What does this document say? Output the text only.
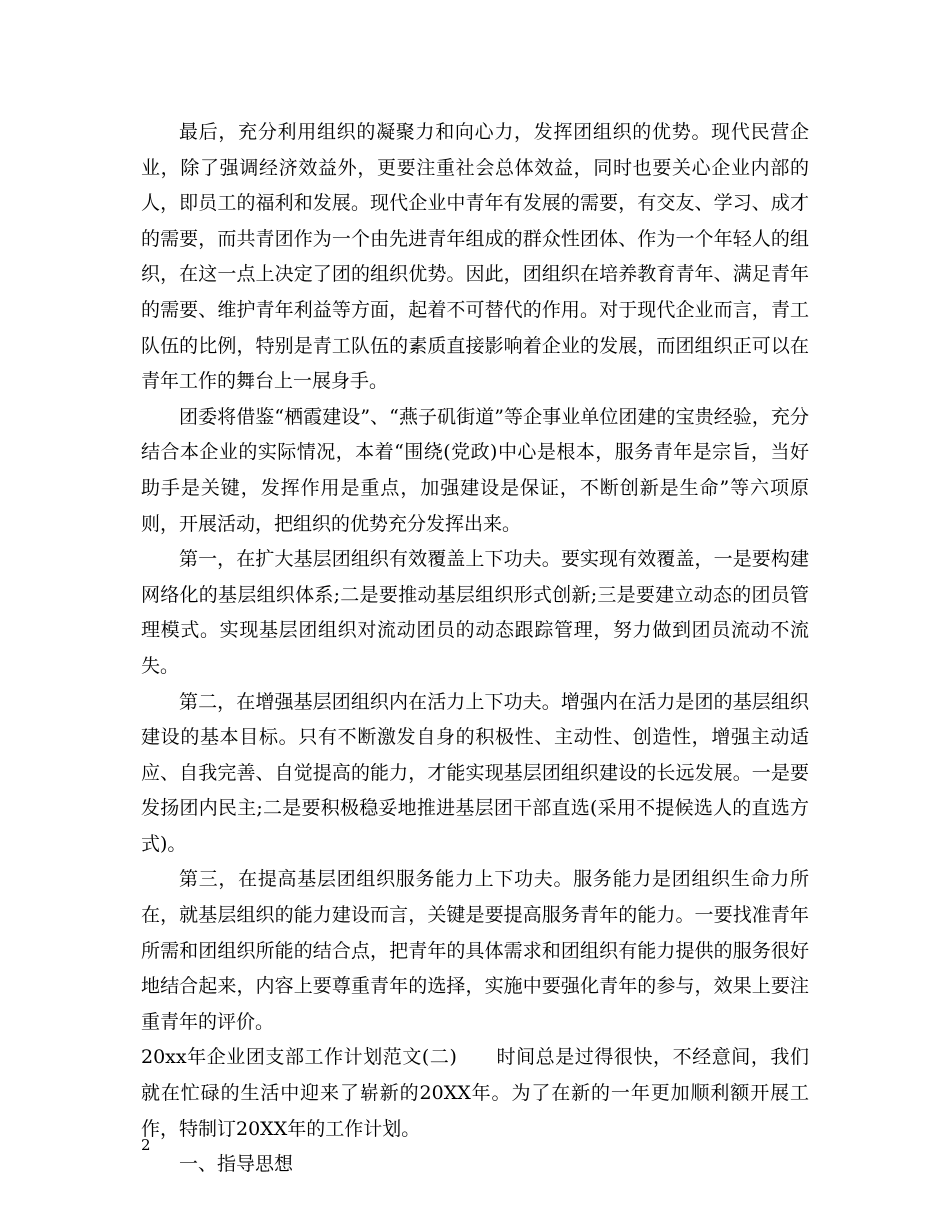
最后，充分利用组织的凝聚力和向心力，发挥团组织的优势。现代民营企业，除了强调经济效益外，更要注重社会总体效益，同时也要关心企业内部的人，即员工的福利和发展。现代企业中青年有发展的需要，有交友、学习、成才的需要，而共青团作为一个由先进青年组成的群众性团体、作为一个年轻人的组织，在这一点上决定了团的组织优势。因此，团组织在培养教育青年、满足青年的需要、维护青年利益等方面，起着不可替代的作用。对于现代企业而言，青工队伍的比例，特别是青工队伍的素质直接影响着企业的发展，而团组织正可以在青年工作的舞台上一展身手。

团委将借鉴“栖霞建设”、“燕子矶街道”等企事业单位团建的宝贵经验，充分结合本企业的实际情况，本着“围绕(党政)中心是根本，服务青年是宗旨，当好助手是关键，发挥作用是重点，加强建设是保证，不断创新是生命”等六项原则，开展活动，把组织的优势充分发挥出来。

第一，在扩大基层团组织有效覆盖上下功夫。要实现有效覆盖，一是要构建网络化的基层组织体系;二是要推动基层组织形式创新;三是要建立动态的团员管理模式。实现基层团组织对流动团员的动态跟踪管理，努力做到团员流动不流失。

第二，在增强基层团组织内在活力上下功夫。增强内在活力是团的基层组织建设的基本目标。只有不断激发自身的积极性、主动性、创造性，增强主动适应、自我完善、自觉提高的能力，才能实现基层团组织建设的长远发展。一是要发扬团内民主;二是要积极稳妥地推进基层团干部直选(采用不提候选人的直选方式)。

第三，在提高基层团组织服务能力上下功夫。服务能力是团组织生命力所在，就基层组织的能力建设而言，关键是要提高服务青年的能力。一要找准青年所需和团组织所能的结合点，把青年的具体需求和团组织有能力提供的服务很好地结合起来，内容上要尊重青年的选择，实施中要强化青年的参与，效果上要注重青年的评价。

20xx年企业团支部工作计划范文(二)　　时间总是过得很快，不经意间，我们就在忙碌的生活中迎来了崭新的20XX年。为了在新的一年更加顺利额开展工作，特制订20XX年的工作计划。

一、指导思想

2
